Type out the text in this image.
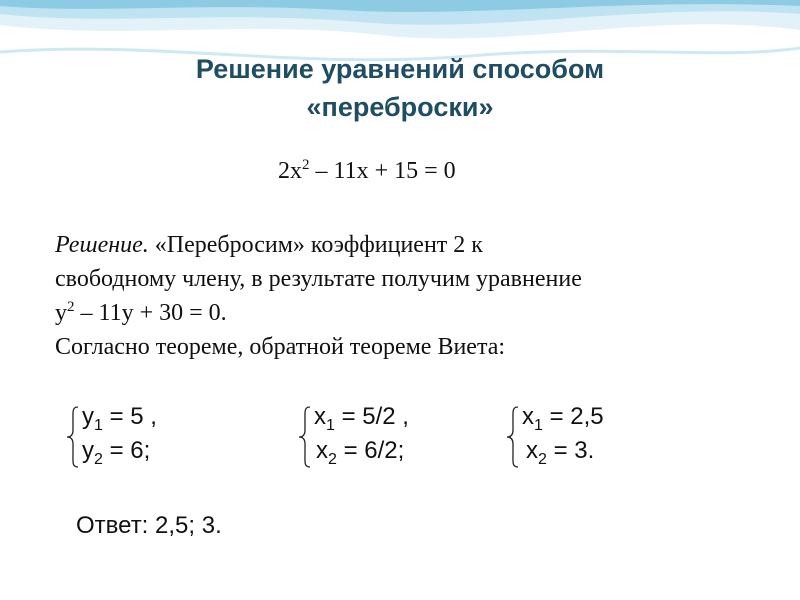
Решение уравнений способом
«переброски»
$2x^2 - 11x + 15 = 0$
Решение. «Перебросим» коэффициент 2 к
свободному члену, в результате получим уравнение
$y^2 - 11y + 30 = 0$.
Согласно теореме, обратной теореме Виета:
$y_1 = 5$ ,
$y_2 = 6$;
$x_1 = 5/2$ ,
$x_2 = 6/2$;
$x_1 = 2,5$
$x_2 = 3$.
Ответ: 2,5; 3.
